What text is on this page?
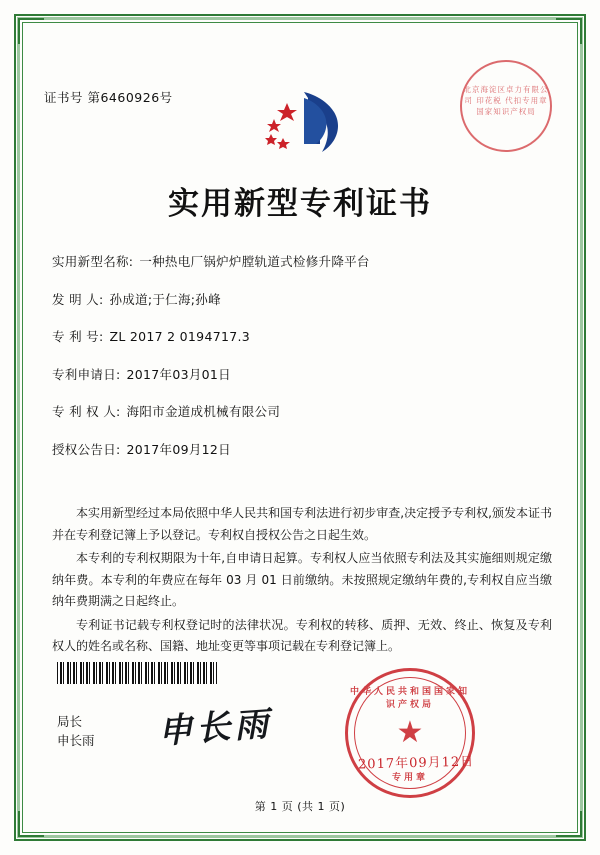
证书号 第6460926号
北京海淀区卓力有限公司 印花税 代扣专用章 国家知识产权局
实用新型专利证书
实用新型名称: 一种热电厂锅炉炉膛轨道式检修升降平台
发 明 人: 孙成道;于仁海;孙峰
专 利 号: ZL 2017 2 0194717.3
专利申请日: 2017年03月01日
专 利 权 人: 海阳市金道成机械有限公司
授权公告日: 2017年09月12日

本实用新型经过本局依照中华人民共和国专利法进行初步审查,决定授予专利权,颁发本证书并在专利登记簿上予以登记。专利权自授权公告之日起生效。

本专利的专利权期限为十年,自申请日起算。专利权人应当依照专利法及其实施细则规定缴纳年费。本专利的年费应在每年 03 月 01 日前缴纳。未按照规定缴纳年费的,专利权自应当缴纳年费期满之日起终止。

专利证书记载专利权登记时的法律状况。专利权的转移、质押、无效、终止、恢复及专利权人的姓名或名称、国籍、地址变更等事项记载在专利登记簿上。

局长
申长雨 申长雨
中华人民共和国国家知识产权局
★
专用章
2017年09月12日
第 1 页 (共 1 页)
